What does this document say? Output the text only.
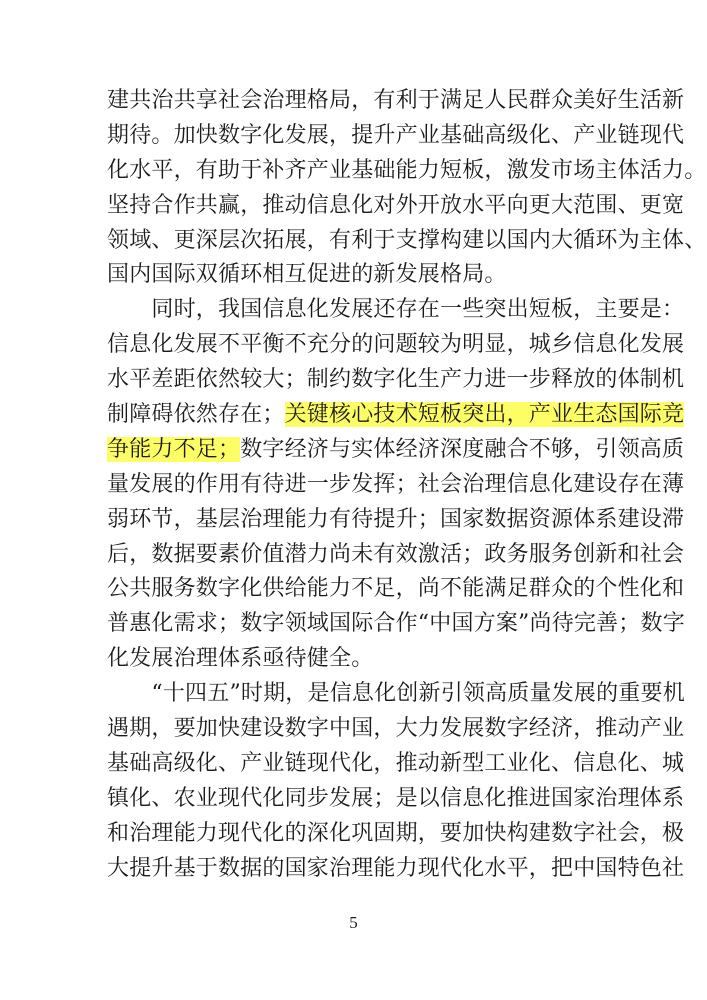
建共治共享社会治理格局，有利于满足人民群众美好生活新
期待。加快数字化发展，提升产业基础高级化、产业链现代
化水平，有助于补齐产业基础能力短板，激发市场主体活力。
坚持合作共赢，推动信息化对外开放水平向更大范围、更宽
领域、更深层次拓展，有利于支撑构建以国内大循环为主体、
国内国际双循环相互促进的新发展格局。
　　同时，我国信息化发展还存在一些突出短板，主要是：
信息化发展不平衡不充分的问题较为明显，城乡信息化发展
水平差距依然较大；制约数字化生产力进一步释放的体制机
制障碍依然存在；关键核心技术短板突出，产业生态国际竞
争能力不足；数字经济与实体经济深度融合不够，引领高质
量发展的作用有待进一步发挥；社会治理信息化建设存在薄
弱环节，基层治理能力有待提升；国家数据资源体系建设滞
后，数据要素价值潜力尚未有效激活；政务服务创新和社会
公共服务数字化供给能力不足，尚不能满足群众的个性化和
普惠化需求；数字领域国际合作“中国方案”尚待完善；数字
化发展治理体系亟待健全。
　　“十四五”时期，是信息化创新引领高质量发展的重要机
遇期，要加快建设数字中国，大力发展数字经济，推动产业
基础高级化、产业链现代化，推动新型工业化、信息化、城
镇化、农业现代化同步发展；是以信息化推进国家治理体系
和治理能力现代化的深化巩固期，要加快构建数字社会，极
大提升基于数据的国家治理能力现代化水平，把中国特色社
5
